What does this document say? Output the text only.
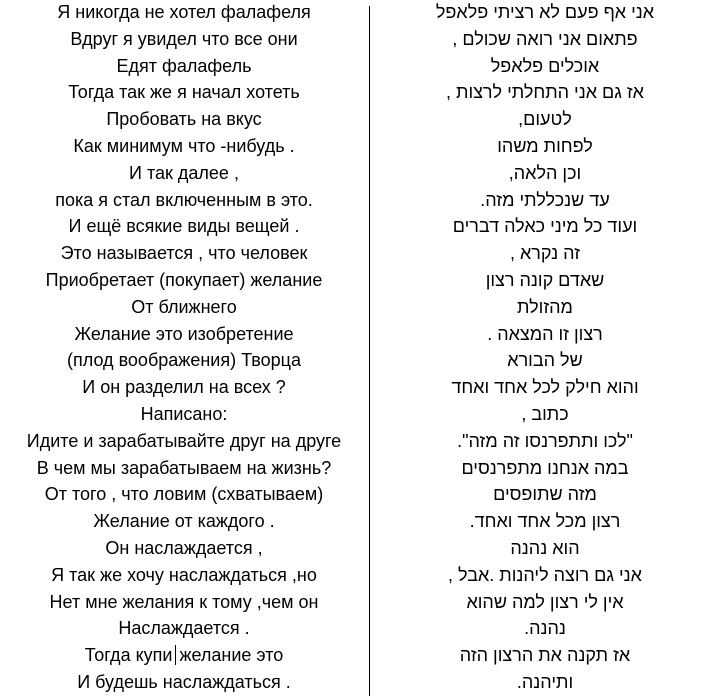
Я никогда не хотел фалафеля
Вдруг я увидел что все они
Едят фалафель
Тогда так же я начал хотеть
Пробовать на вкус
Как минимум что -нибудь .
И так далее ,
пока я стал включенным в это.
И ещё всякие виды вещей .
Это называется , что человек
Приобретает (покупает) желание
От ближнего
Желание это изобретение
(плод воображения) Творца
И он разделил на всех ?
Написано:
Идите и зарабатывайте друг на друге
В чем мы зарабатываем на жизнь?
От того , что ловим (схватываем)
Желание от каждого .
Он наслаждается ,
Я так же хочу наслаждаться ,но
Нет мне желания к тому ,чем он
Наслаждается .
Тогда купи желание это
И будешь наслаждаться .
אני אף פעם לא רציתי פלאפל
פתאום אני רואה שכולם ,
אוכלים פלאפל
אז גם אני התחלתי לרצות ,
לטעום,
לפחות משהו
וכן הלאה,
עד שנכללתי מזה.
ועוד כל מיני כאלה דברים
זה נקרא ,
שאדם קונה רצון
מהזולת
רצון זו המצאה .
של הבורא
והוא חילק לכל אחד ואחד
כתוב ,
"לכו ותתפרנסו זה מזה".
במה אנחנו מתפרנסים
מזה שתופסים
רצון מכל אחד ואחד.
הוא נהנה
אני גם רוצה ליהנות .אבל ,
אין לי רצון למה שהוא
נהנה.
אז תקנה את הרצון הזה
ותיהנה.
